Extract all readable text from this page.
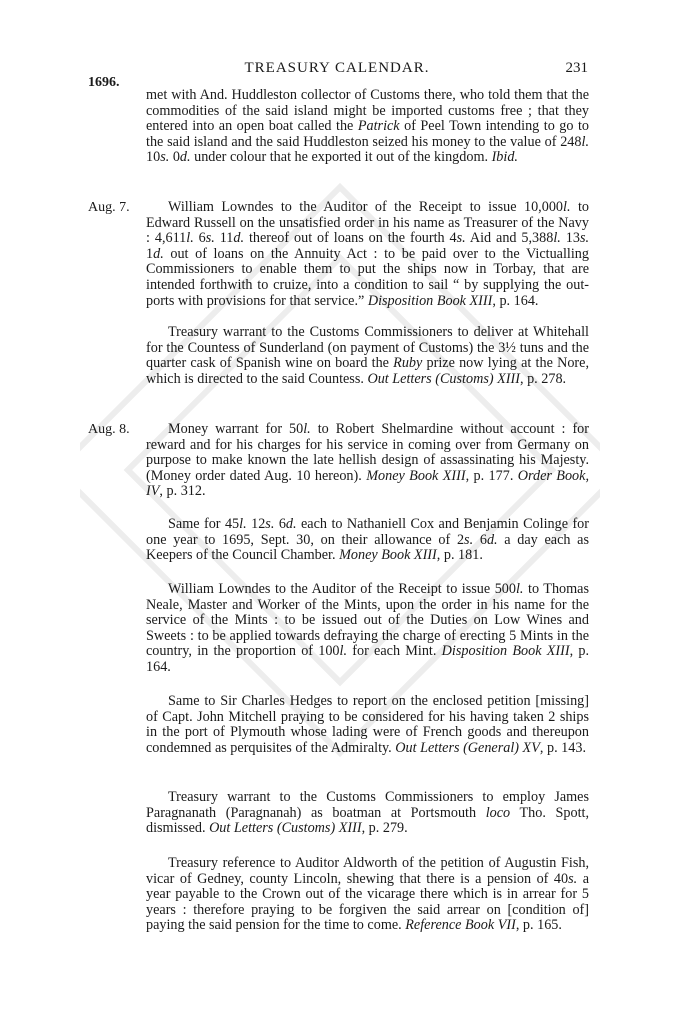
TREASURY CALENDAR.	231
1696.

met with And. Huddleston collector of Customs there, who told them that the commodities of the said island might be imported customs free ; that they entered into an open boat called the Patrick of Peel Town intending to go to the said island and the said Huddleston seized his money to the value of 248l. 10s. 0d. under colour that he exported it out of the kingdom. Ibid.

Aug. 7.	William Lowndes to the Auditor of the Receipt to issue 10,000l. to Edward Russell on the unsatisfied order in his name as Treasurer of the Navy : 4,611l. 6s. 11d. thereof out of loans on the fourth 4s. Aid and 5,388l. 13s. 1d. out of loans on the Annuity Act : to be paid over to the Victualling Commissioners to enable them to put the ships now in Torbay, that are intended forthwith to cruize, into a condition to sail “ by supplying the out-ports with provisions for that service.” Disposition Book XIII, p. 164.

Treasury warrant to the Customs Commissioners to deliver at Whitehall for the Countess of Sunderland (on payment of Customs) the 3½ tuns and the quarter cask of Spanish wine on board the Ruby prize now lying at the Nore, which is directed to the said Countess. Out Letters (Customs) XIII, p. 278.

Aug. 8.	Money warrant for 50l. to Robert Shelmardine without account : for reward and for his charges for his service in coming over from Germany on purpose to make known the late hellish design of assassinating his Majesty. (Money order dated Aug. 10 hereon). Money Book XIII, p. 177. Order Book, IV, p. 312.

Same for 45l. 12s. 6d. each to Nathaniell Cox and Benjamin Colinge for one year to 1695, Sept. 30, on their allowance of 2s. 6d. a day each as Keepers of the Council Chamber. Money Book XIII, p. 181.

William Lowndes to the Auditor of the Receipt to issue 500l. to Thomas Neale, Master and Worker of the Mints, upon the order in his name for the service of the Mints : to be issued out of the Duties on Low Wines and Sweets : to be applied towards defraying the charge of erecting 5 Mints in the country, in the proportion of 100l. for each Mint. Disposition Book XIII, p. 164.

Same to Sir Charles Hedges to report on the enclosed petition [missing] of Capt. John Mitchell praying to be considered for his having taken 2 ships in the port of Plymouth whose lading were of French goods and thereupon condemned as perquisites of the Admiralty. Out Letters (General) XV, p. 143.

Treasury warrant to the Customs Commissioners to employ James Paragnanath (Paragnanah) as boatman at Portsmouth loco Tho. Spott, dismissed. Out Letters (Customs) XIII, p. 279.

Treasury reference to Auditor Aldworth of the petition of Augustin Fish, vicar of Gedney, county Lincoln, shewing that there is a pension of 40s. a year payable to the Crown out of the vicarage there which is in arrear for 5 years : therefore praying to be forgiven the said arrear on [condition of] paying the said pension for the time to come. Reference Book VII, p. 165.
